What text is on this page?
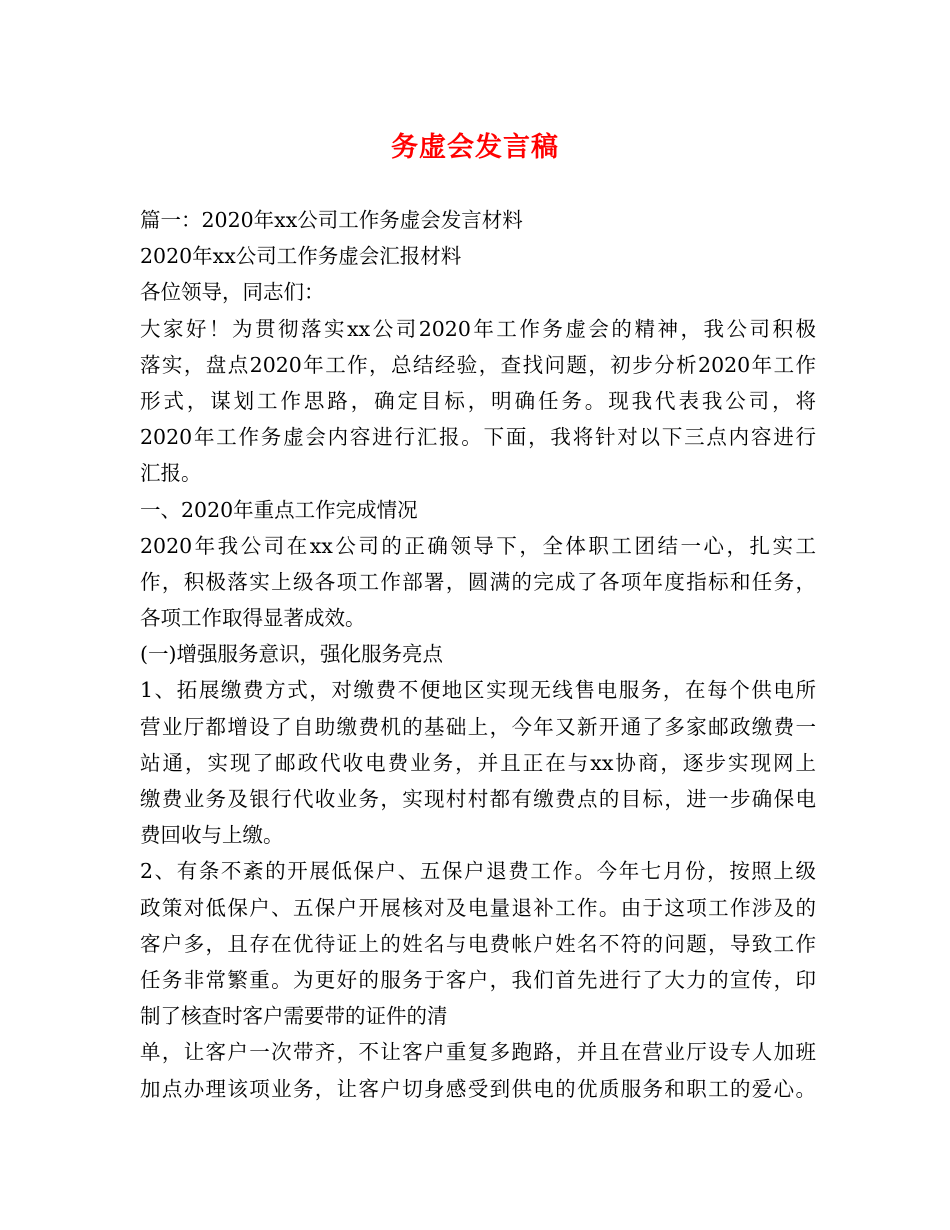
务虚会发言稿
篇一：2020年xx公司工作务虚会发言材料
2020年xx公司工作务虚会汇报材料
各位领导，同志们：
大家好！为贯彻落实xx公司2020年工作务虚会的精神，我公司积极
落实，盘点2020年工作，总结经验，查找问题，初步分析2020年工作
形式，谋划工作思路，确定目标，明确任务。现我代表我公司，将
2020年工作务虚会内容进行汇报。下面，我将针对以下三点内容进行
汇报。
一、2020年重点工作完成情况
2020年我公司在xx公司的正确领导下，全体职工团结一心，扎实工
作，积极落实上级各项工作部署，圆满的完成了各项年度指标和任务，
各项工作取得显著成效。
(一)增强服务意识，强化服务亮点
1、拓展缴费方式，对缴费不便地区实现无线售电服务，在每个供电所
营业厅都增设了自助缴费机的基础上，今年又新开通了多家邮政缴费一
站通，实现了邮政代收电费业务，并且正在与xx协商，逐步实现网上
缴费业务及银行代收业务，实现村村都有缴费点的目标，进一步确保电
费回收与上缴。
2、有条不紊的开展低保户、五保户退费工作。今年七月份，按照上级
政策对低保户、五保户开展核对及电量退补工作。由于这项工作涉及的
客户多，且存在优待证上的姓名与电费帐户姓名不符的问题，导致工作
任务非常繁重。为更好的服务于客户，我们首先进行了大力的宣传，印
制了核查时客户需要带的证件的清
单，让客户一次带齐，不让客户重复多跑路，并且在营业厅设专人加班
加点办理该项业务，让客户切身感受到供电的优质服务和职工的爱心。
